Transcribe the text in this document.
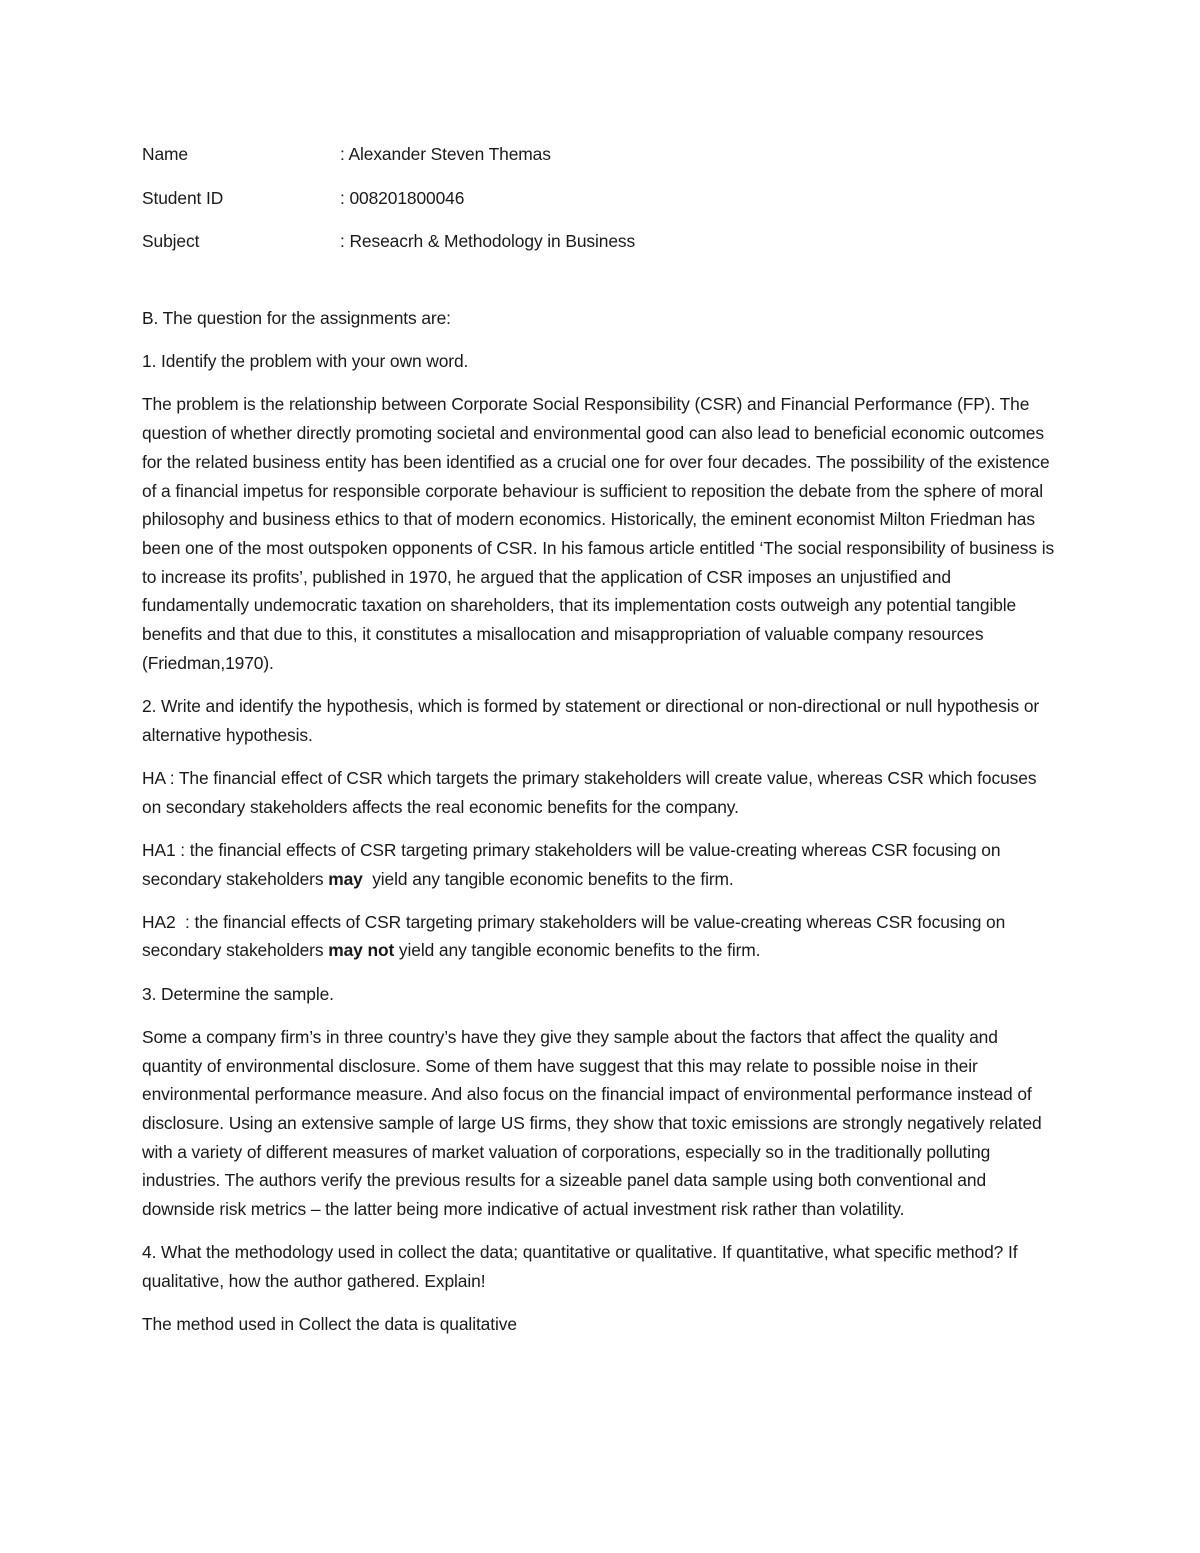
Name	: Alexander Steven Themas
Student ID	: 008201800046
Subject	: Reseacrh & Methodology in Business

B. The question for the assignments are:

1. Identify the problem with your own word.

The problem is the relationship between Corporate Social Responsibility (CSR) and Financial Performance (FP). The question of whether directly promoting societal and environmental good can also lead to beneficial economic outcomes for the related business entity has been identified as a crucial one for over four decades. The possibility of the existence of a financial impetus for responsible corporate behaviour is sufficient to reposition the debate from the sphere of moral philosophy and business ethics to that of modern economics. Historically, the eminent economist Milton Friedman has been one of the most outspoken opponents of CSR. In his famous article entitled ‘The social responsibility of business is to increase its profits’, published in 1970, he argued that the application of CSR imposes an unjustified and fundamentally undemocratic taxation on shareholders, that its implementation costs outweigh any potential tangible benefits and that due to this, it constitutes a misallocation and misappropriation of valuable company resources (Friedman,1970).

2. Write and identify the hypothesis, which is formed by statement or directional or non-directional or null hypothesis or alternative hypothesis.

HA : The financial effect of CSR which targets the primary stakeholders will create value, whereas CSR which focuses on secondary stakeholders affects the real economic benefits for the company.

HA1 : the financial effects of CSR targeting primary stakeholders will be value-creating whereas CSR focusing on secondary stakeholders may  yield any tangible economic benefits to the firm.

HA2  : the financial effects of CSR targeting primary stakeholders will be value-creating whereas CSR focusing on secondary stakeholders may not yield any tangible economic benefits to the firm.

3. Determine the sample.

Some a company firm’s in three country’s have they give they sample about the factors that affect the quality and quantity of environmental disclosure. Some of them have suggest that this may relate to possible noise in their environmental performance measure. And also focus on the financial impact of environmental performance instead of disclosure. Using an extensive sample of large US firms, they show that toxic emissions are strongly negatively related with a variety of different measures of market valuation of corporations, especially so in the traditionally polluting industries. The authors verify the previous results for a sizeable panel data sample using both conventional and downside risk metrics – the latter being more indicative of actual investment risk rather than volatility.

4. What the methodology used in collect the data; quantitative or qualitative. If quantitative, what specific method? If qualitative, how the author gathered. Explain!

The method used in Collect the data is qualitative
